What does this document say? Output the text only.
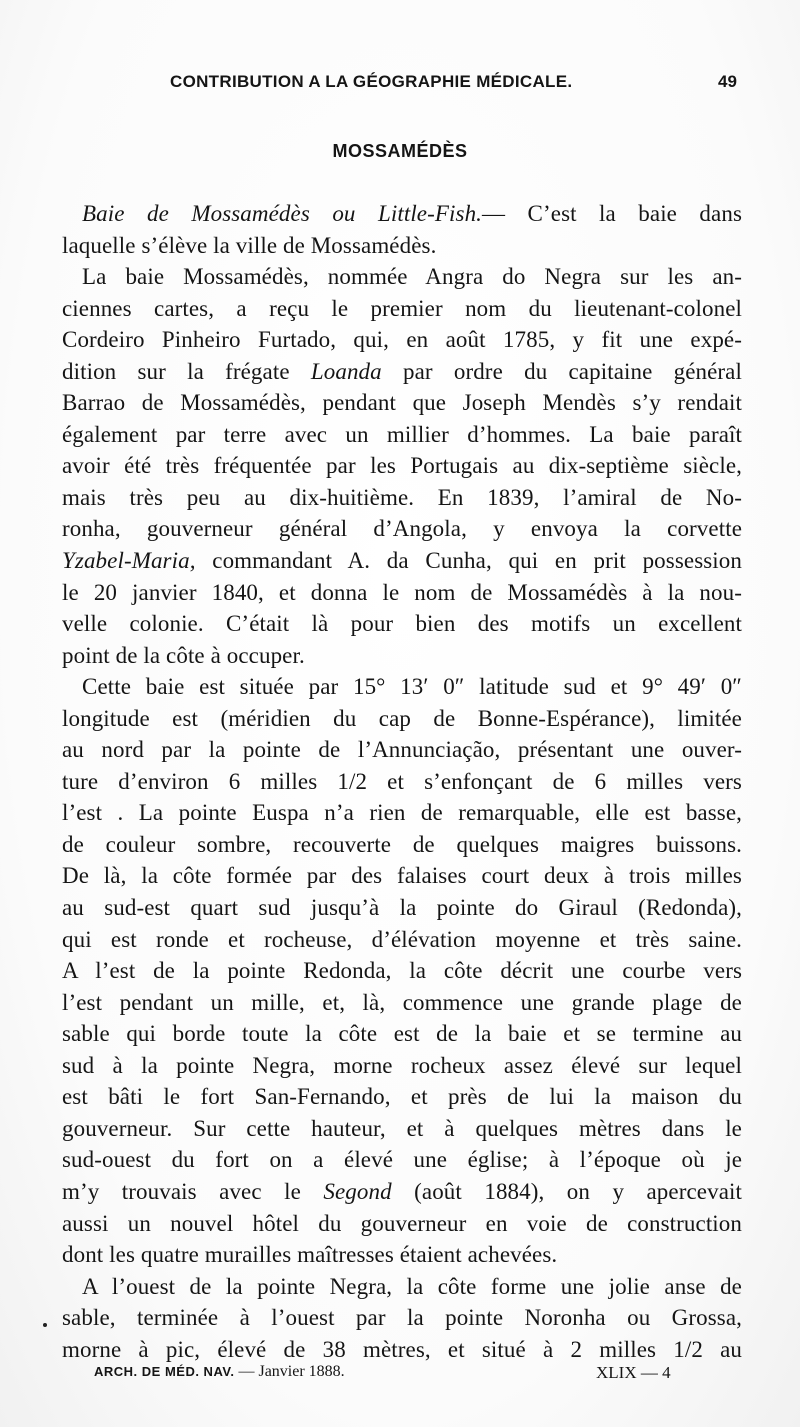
CONTRIBUTION A LA GÉOGRAPHIE MÉDICALE.	49
MOSSAMÉDÈS
Baie de Mossamédès ou Little-Fish.— C’est la baie dans
laquelle s’élève la ville de Mossamédès.
La baie Mossamédès, nommée Angra do Negra sur les an-
ciennes cartes, a reçu le premier nom du lieutenant-colonel
Cordeiro Pinheiro Furtado, qui, en août 1785, y fit une expé-
dition sur la frégate Loanda par ordre du capitaine général
Barrao de Mossamédès, pendant que Joseph Mendès s’y rendait
également par terre avec un millier d’hommes. La baie paraît
avoir été très fréquentée par les Portugais au dix-septième siècle,
mais très peu au dix-huitième. En 1839, l’amiral de No-
ronha, gouverneur général d’Angola, y envoya la corvette
Yzabel-Maria, commandant A. da Cunha, qui en prit possession
le 20 janvier 1840, et donna le nom de Mossamédès à la nou-
velle colonie. C’était là pour bien des motifs un excellent
point de la côte à occuper.
Cette baie est située par 15° 13′ 0″ latitude sud et 9° 49′ 0″
longitude est (méridien du cap de Bonne-Espérance), limitée
au nord par la pointe de l’Annunciação, présentant une ouver-
ture d’environ 6 milles 1/2 et s’enfonçant de 6 milles vers
l’est . La pointe Euspa n’a rien de remarquable, elle est basse,
de couleur sombre, recouverte de quelques maigres buissons.
De là, la côte formée par des falaises court deux à trois milles
au sud-est quart sud jusqu’à la pointe do Giraul (Redonda),
qui est ronde et rocheuse, d’élévation moyenne et très saine.
A l’est de la pointe Redonda, la côte décrit une courbe vers
l’est pendant un mille, et, là, commence une grande plage de
sable qui borde toute la côte est de la baie et se termine au
sud à la pointe Negra, morne rocheux assez élevé sur lequel
est bâti le fort San-Fernando, et près de lui la maison du
gouverneur. Sur cette hauteur, et à quelques mètres dans le
sud-ouest du fort on a élevé une église; à l’époque où je
m’y trouvais avec le Segond (août 1884), on y apercevait
aussi un nouvel hôtel du gouverneur en voie de construction
dont les quatre murailles maîtresses étaient achevées.
A l’ouest de la pointe Negra, la côte forme une jolie anse de
sable, terminée à l’ouest par la pointe Noronha ou Grossa,
morne à pic, élevé de 38 mètres, et situé à 2 milles 1/2 au
ARCH. DE MÉD. NAV. — Janvier 1888.	XLIX — 4
